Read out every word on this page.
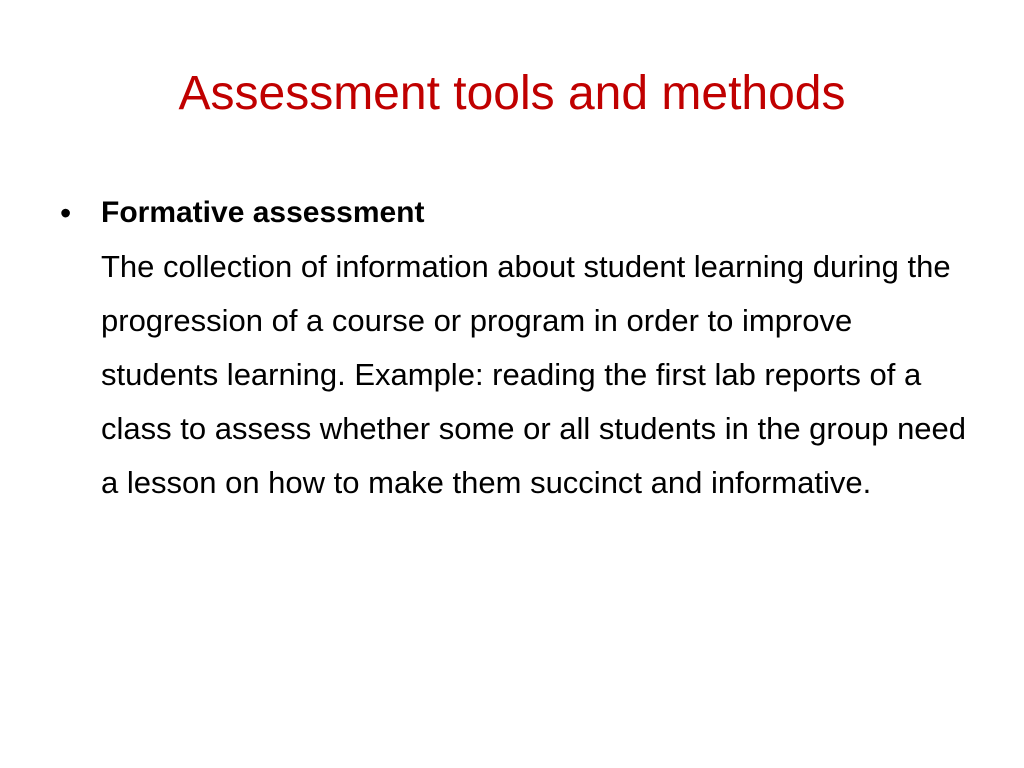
Assessment tools and methods
• Formative assessment
The collection of information about student learning during the progression of a course or program in order to improve students learning. Example: reading the first lab reports of a class to assess whether some or all students in the group need a lesson on how to make them succinct and informative.
